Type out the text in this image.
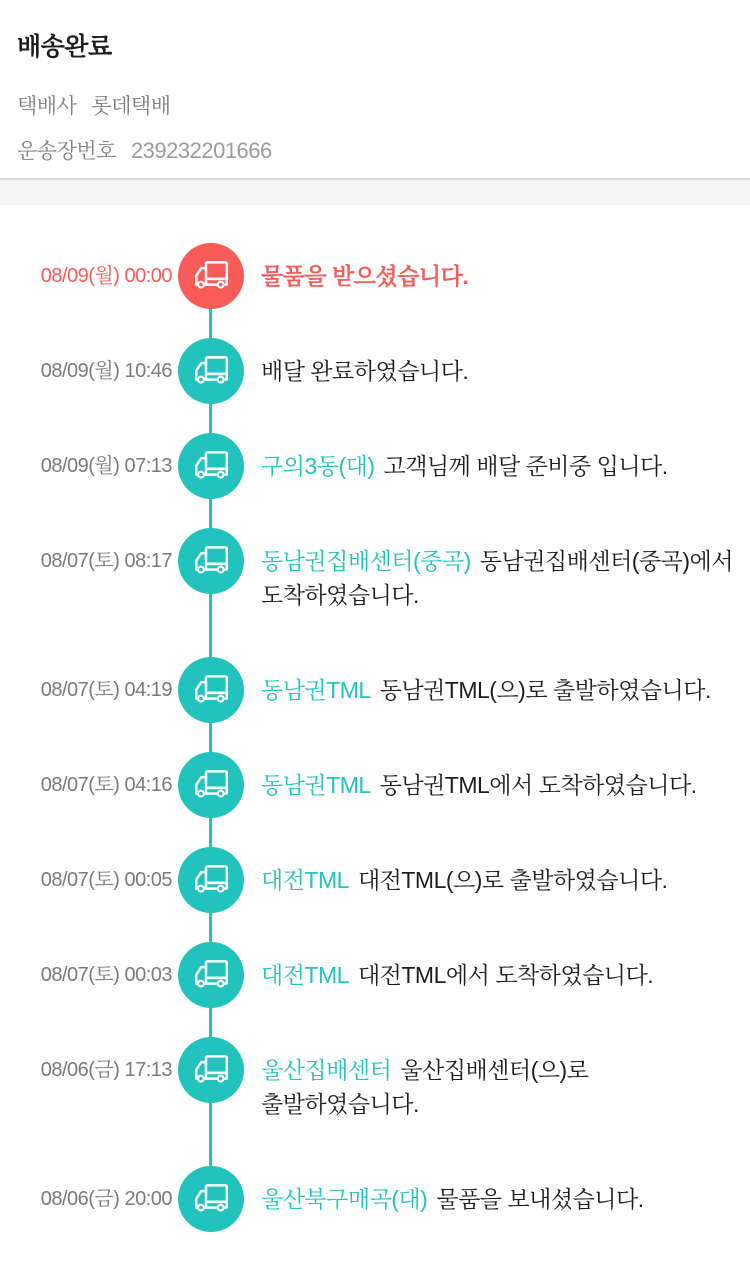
배송완료
택배사 롯데택배
운송장번호 239232201666
08/09(월) 00:00	물품을 받으셨습니다.
08/09(월) 10:46	배달 완료하였습니다.
08/09(월) 07:13	구의3동(대) 고객님께 배달 준비중 입니다.
08/07(토) 08:17	동남권집배센터(중곡) 동남권집배센터(중곡)에서 도착하였습니다.
08/07(토) 04:19	동남권TML 동남권TML(으)로 출발하였습니다.
08/07(토) 04:16	동남권TML 동남권TML에서 도착하였습니다.
08/07(토) 00:05	대전TML 대전TML(으)로 출발하였습니다.
08/07(토) 00:03	대전TML 대전TML에서 도착하였습니다.
08/06(금) 17:13	울산집배센터 울산집배센터(으)로 출발하였습니다.
08/06(금) 20:00	울산북구매곡(대) 물품을 보내셨습니다.
